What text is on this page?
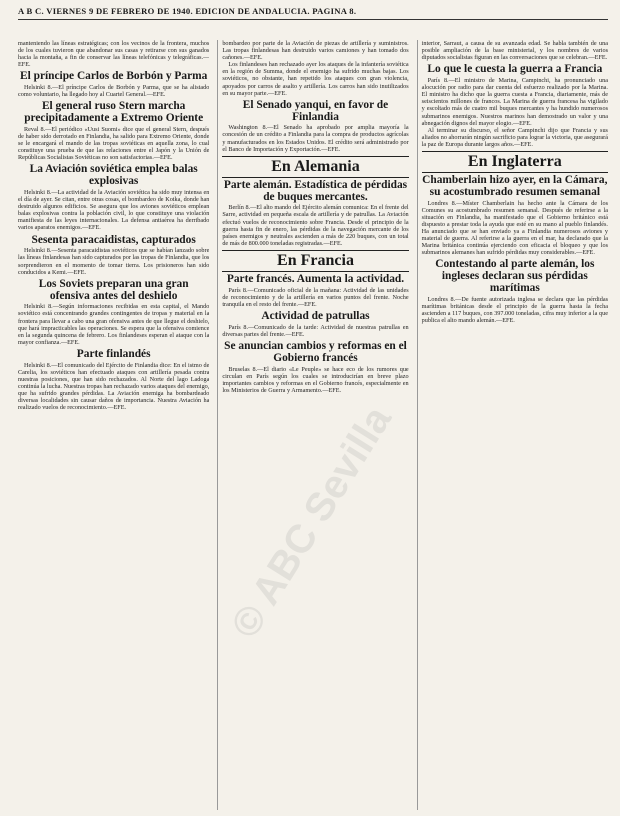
A B C. VIERNES 9 DE FEBRERO DE 1940. EDICION DE ANDALUCIA. PAGINA 8.

manteniendo las líneas estratégicas; con los vecinos de la frontera, muchos de los cuales tuvieron que abandonar sus casas y retirarse con sus ganados hacia la montaña, a fin de conservar las líneas telefónicas y telegráficas.—EFE.

El príncipe Carlos de Borbón y Parma

Helsinki 8.—El príncipe Carlos de Borbón y Parma, que se ha alistado como voluntario, ha llegado hoy al Cuartel General.—EFE.

El general ruso Stern marcha precipitadamente a Extremo Oriente

Reval 8.—El periódico «Uusi Suomi» dice que el general Stern, después de haber sido derrotado en Finlandia, ha salido para Extremo Oriente, donde se le encargará el mando de las tropas soviéticas en aquella zona, lo cual constituye una prueba de que las relaciones entre el Japón y la Unión de Repúblicas Socialistas Soviéticas no son satisfactorias.—EFE.

La Aviación soviética emplea balas explosivas

Helsinki 8.—La actividad de la Aviación soviética ha sido muy intensa en el día de ayer. Se citan, entre otras cosas, el bombardeo de Kotka, donde han destruido algunos edificios. Se asegura que los aviones soviéticos emplean balas explosivas contra la población civil, lo que constituye una violación manifiesta de las leyes internacionales. La defensa antiaérea ha derribado varios aparatos enemigos.—EFE.

Sesenta paracaidistas, capturados

Helsinki 8.—Sesenta paracaidistas soviéticos que se habían lanzado sobre las líneas finlandesas han sido capturados por las tropas de Finlandia, que los sorprendieron en el momento de tomar tierra. Los prisioneros han sido conducidos a Kemi.—EFE.

Los Soviets preparan una gran ofensiva antes del deshielo

Helsinki 8.—Según informaciones recibidas en esta capital, el Mando soviético está concentrando grandes contingentes de tropas y material en la frontera para llevar a cabo una gran ofensiva antes de que llegue el deshielo, que hará impracticables las operaciones. Se espera que la ofensiva comience en la segunda quincena de febrero. Los finlandeses esperan el ataque con la mayor confianza.—EFE.

Parte finlandés

Helsinki 8.—El comunicado del Ejército de Finlandia dice: En el istmo de Carelia, los soviéticos han efectuado ataques con artillería pesada contra nuestras posiciones, que han sido rechazados. Al Norte del lago Ladoga continúa la lucha. Nuestras tropas han rechazado varios ataques del enemigo, que ha sufrido grandes pérdidas. La Aviación enemiga ha bombardeado diversas localidades sin causar daños de importancia. Nuestra Aviación ha realizado vuelos de reconocimiento.—EFE.

bombardeo por parte de la Aviación de piezas de artillería y suministros. Las tropas finlandesas han destruido varios camiones y han tomado dos cañones.—EFE.

Los finlandeses han rechazado ayer los ataques de la infantería soviética en la región de Summa, donde el enemigo ha sufrido muchas bajas. Los soviéticos, no obstante, han repetido los ataques con gran violencia, apoyados por carros de asalto y artillería. Los carros han sido inutilizados en su mayor parte.—EFE.

El Senado yanqui, en favor de Finlandia

Washington 8.—El Senado ha aprobado por amplia mayoría la concesión de un crédito a Finlandia para la compra de productos agrícolas y manufacturados en los Estados Unidos. El crédito será administrado por el Banco de Importación y Exportación.—EFE.

En Alemania
Parte alemán. Estadística de pérdidas de buques mercantes.

Berlín 8.—El alto mando del Ejército alemán comunica: En el frente del Sarre, actividad en pequeña escala de artillería y de patrullas. La Aviación efectuó vuelos de reconocimiento sobre Francia. Desde el principio de la guerra hasta fin de enero, las pérdidas de la navegación mercante de los países enemigos y neutrales ascienden a más de 220 buques, con un total de más de 800.000 toneladas registradas.—EFE.

En Francia
Parte francés. Aumenta la actividad.

París 8.—Comunicado oficial de la mañana: Actividad de las unidades de reconocimiento y de la artillería en varios puntos del frente. Noche tranquila en el resto del frente.—EFE.

Actividad de patrullas

París 8.—Comunicado de la tarde: Actividad de nuestras patrullas en diversas partes del frente.—EFE.

Se anuncian cambios y reformas en el Gobierno francés

Bruselas 8.—El diario «Le Peuple» se hace eco de los rumores que circulan en París según los cuales se introducirían en breve plazo importantes cambios y reformas en el Gobierno francés, especialmente en los Ministerios de Guerra y Armamento.—EFE.

interior, Sarraut, a causa de su avanzada edad. Se habla también de una posible ampliación de la base ministerial, y los nombres de varios diputados socialistas figuran en las conversaciones que se celebran.—EFE.

Lo que le cuesta la guerra a Francia

París 8.—El ministro de Marina, Campinchi, ha pronunciado una alocución por radio para dar cuenta del esfuerzo realizado por la Marina. El ministro ha dicho que la guerra cuesta a Francia, diariamente, más de seiscientos millones de francos. La Marina de guerra francesa ha vigilado y escoltado más de cuatro mil buques mercantes y ha hundido numerosos submarinos enemigos. Nuestros marinos han demostrado un valor y una abnegación dignos del mayor elogio.—EFE.

Al terminar su discurso, el señor Campinchi dijo que Francia y sus aliados no ahorrarán ningún sacrificio para lograr la victoria, que asegurará la paz de Europa durante largos años.—EFE.

En Inglaterra
Chamberlain hizo ayer, en la Cámara, su acostumbrado resumen semanal

Londres 8.—Míster Chamberlain ha hecho ante la Cámara de los Comunes su acostumbrado resumen semanal. Después de referirse a la situación en Finlandia, ha manifestado que el Gobierno británico está dispuesto a prestar toda la ayuda que esté en su mano al pueblo finlandés. Ha anunciado que se han enviado ya a Finlandia numerosos aviones y material de guerra. Al referirse a la guerra en el mar, ha declarado que la Marina británica continúa ejerciendo con eficacia el bloqueo y que los submarinos alemanes han sufrido pérdidas muy considerables.—EFE.

Contestando al parte alemán, los ingleses declaran sus pérdidas marítimas

Londres 8.—De fuente autorizada inglesa se declara que las pérdidas marítimas británicas desde el principio de la guerra hasta la fecha ascienden a 117 buques, con 397.000 toneladas, cifra muy inferior a la que publica el alto mando alemán.—EFE.

© ABC Sevilla
